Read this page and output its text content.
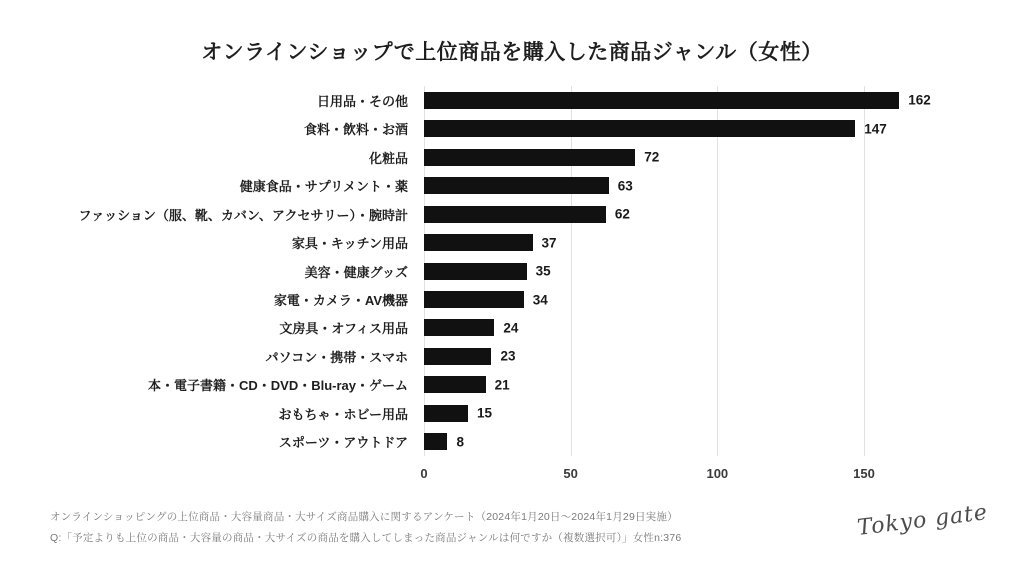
オンラインショップで上位商品を購入した商品ジャンル（女性）
日用品・その他	162
食料・飲料・お酒	147
化粧品	72
健康食品・サプリメント・薬	63
ファッション（服、靴、カバン、アクセサリー）・腕時計	62
家具・キッチン用品	37
美容・健康グッズ	35
家電・カメラ・AV機器	34
文房具・オフィス用品	24
パソコン・携帯・スマホ	23
本・電子書籍・CD・DVD・Blu-ray・ゲーム	21
おもちゃ・ホビー用品	15
スポーツ・アウトドア	8
0	50	100	150
オンラインショッピングの上位商品・大容量商品・大サイズ商品購入に関するアンケート（2024年1月20日～2024年1月29日実施）
Q:「予定よりも上位の商品・大容量の商品・大サイズの商品を購入してしまった商品ジャンルは何ですか（複数選択可）」女性n:376	Tokyo gate
